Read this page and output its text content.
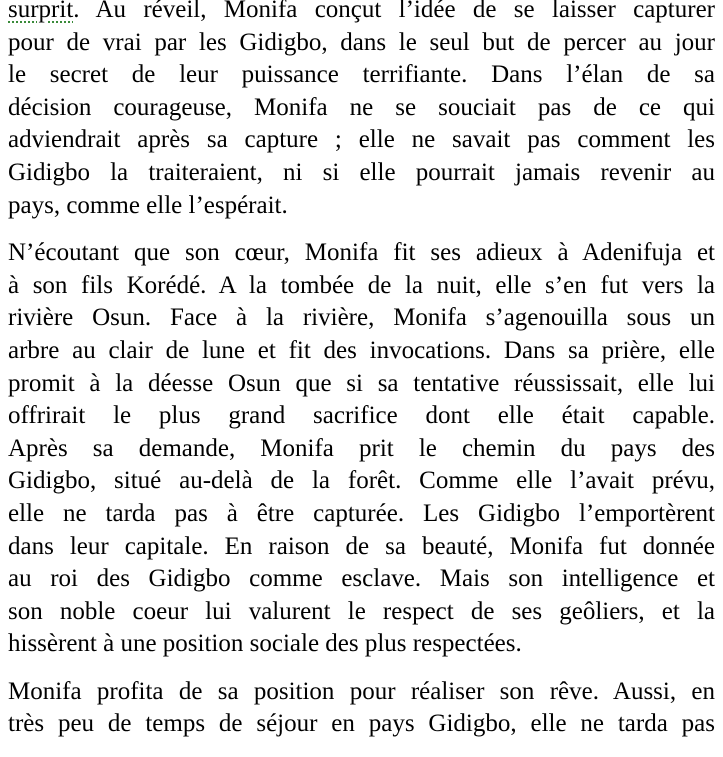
surprit. Au réveil, Monifa conçut l’idée de se laisser capturer
pour de vrai par les Gidigbo, dans le seul but de percer au jour
le secret de leur puissance terrifiante. Dans l’élan de sa
décision courageuse, Monifa ne se souciait pas de ce qui
adviendrait après sa capture ; elle ne savait pas comment les
Gidigbo la traiteraient, ni si elle pourrait jamais revenir au
pays, comme elle l’espérait.

N’écoutant que son cœur, Monifa fit ses adieux à Adenifuja et
à son fils Korédé. A la tombée de la nuit, elle s’en fut vers la
rivière Osun. Face à la rivière, Monifa s’agenouilla sous un
arbre au clair de lune et fit des invocations. Dans sa prière, elle
promit à la déesse Osun que si sa tentative réussissait, elle lui
offrirait le plus grand sacrifice dont elle était capable.
Après sa demande, Monifa prit le chemin du pays des
Gidigbo, situé au-delà de la forêt. Comme elle l’avait prévu,
elle ne tarda pas à être capturée. Les Gidigbo l’emportèrent
dans leur capitale. En raison de sa beauté, Monifa fut donnée
au roi des Gidigbo comme esclave. Mais son intelligence et
son noble coeur lui valurent le respect de ses geôliers, et la
hissèrent à une position sociale des plus respectées.

Monifa profita de sa position pour réaliser son rêve. Aussi, en
très peu de temps de séjour en pays Gidigbo, elle ne tarda pas
